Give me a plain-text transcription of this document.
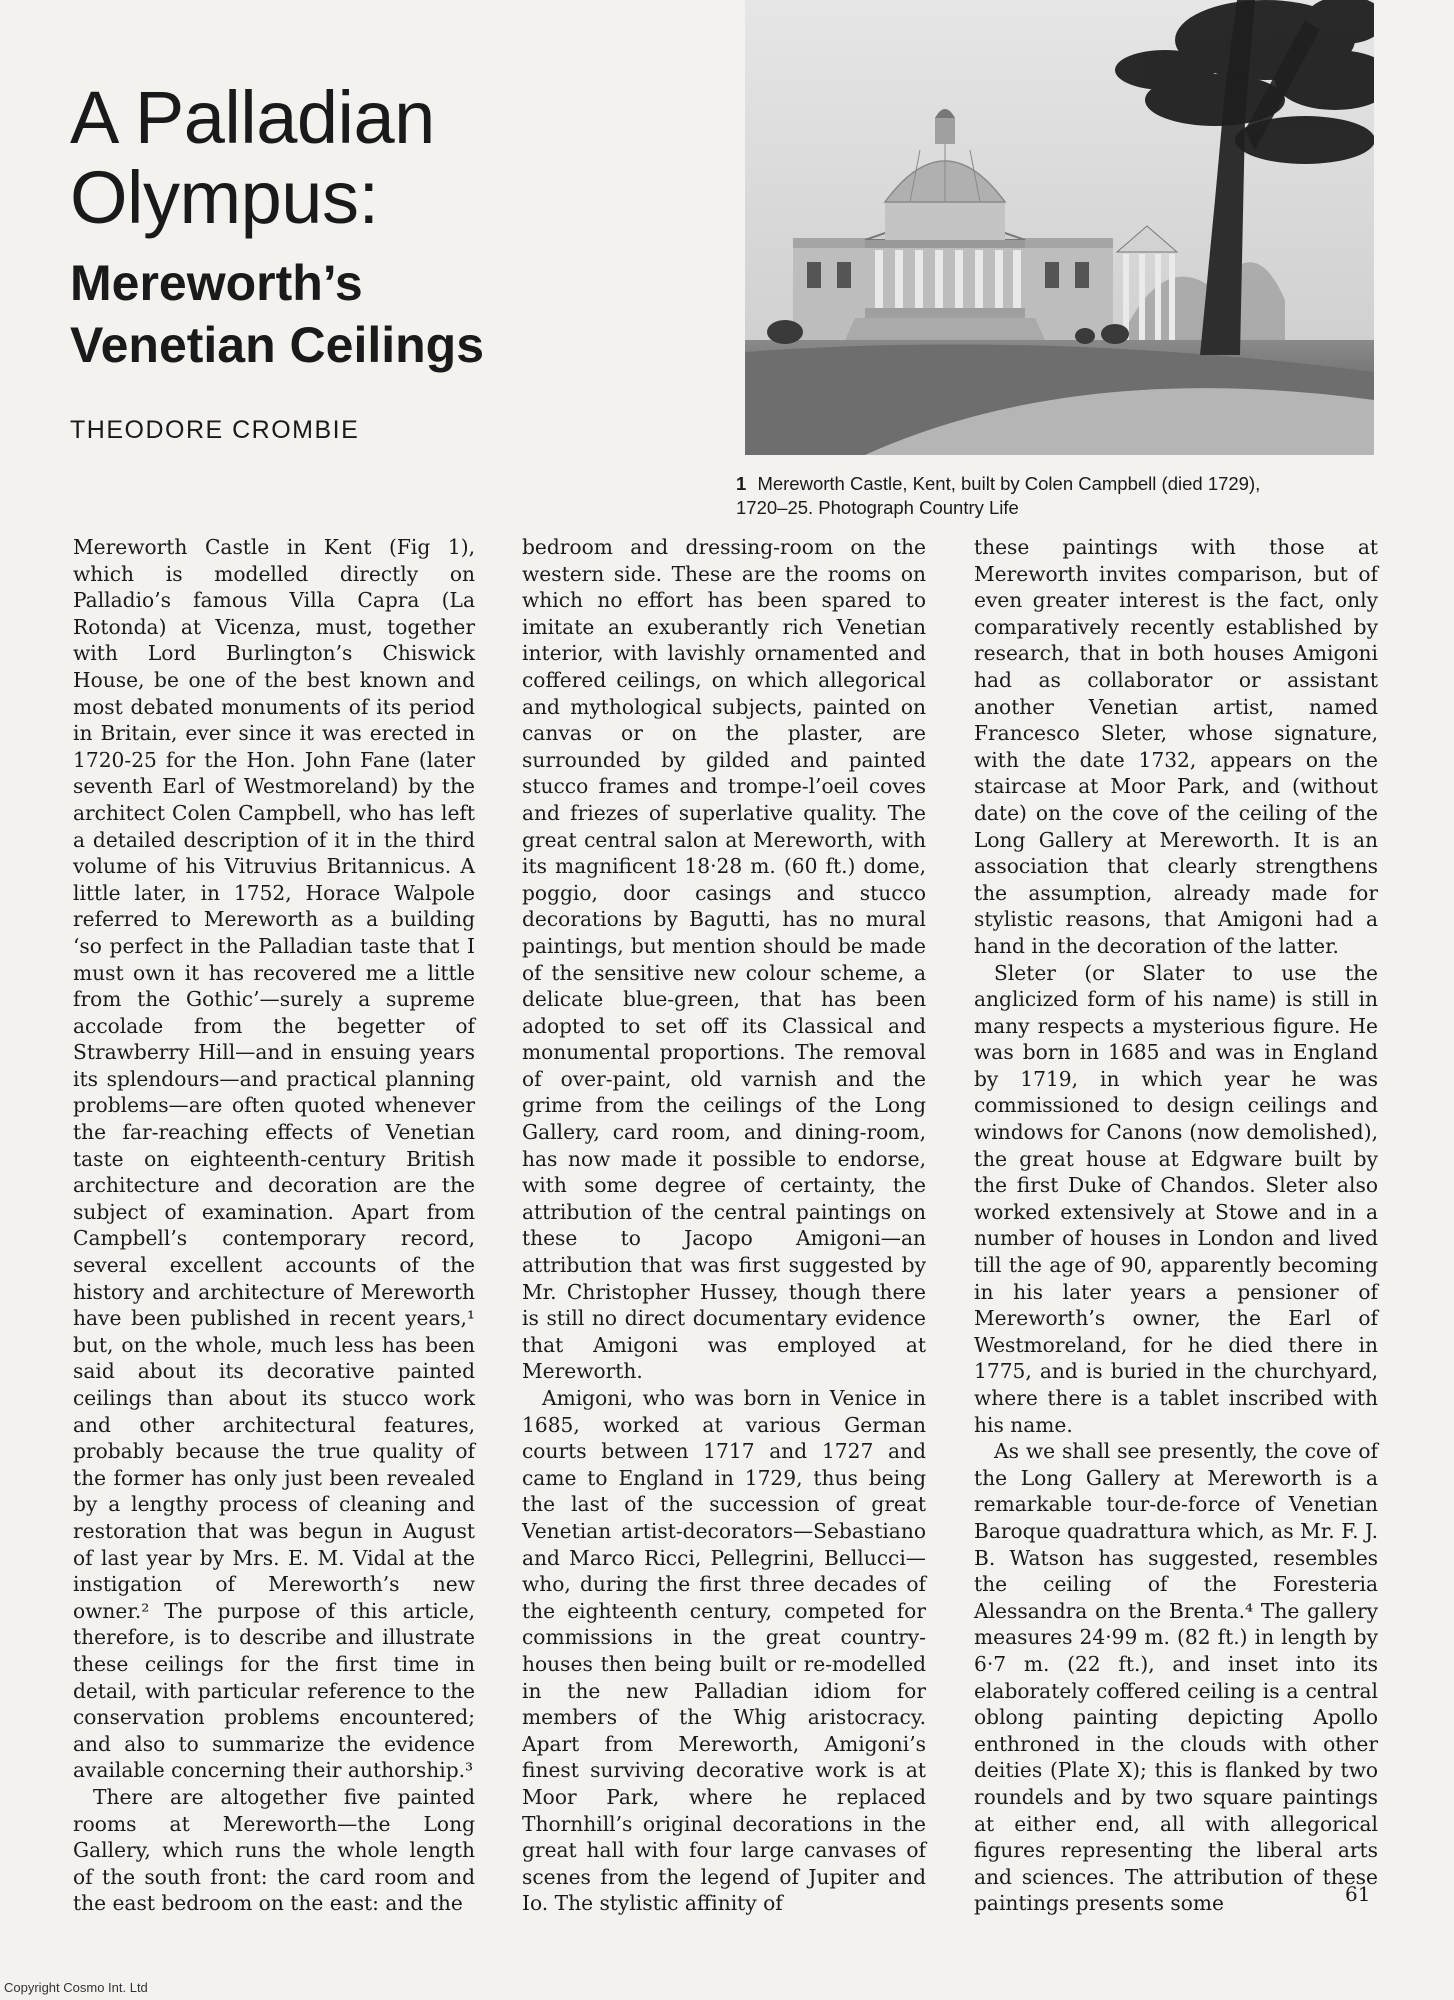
A Palladian
Olympus:
Mereworth’s
Venetian Ceilings
THEODORE CROMBIE
1 Mereworth Castle, Kent, built by Colen Campbell (died 1729),
1720–25. Photograph Country Life

Mereworth Castle in Kent (Fig 1), which is modelled directly on Palladio’s famous Villa Capra (La Rotonda) at Vicenza, must, together with Lord Burlington’s Chiswick House, be one of the best known and most debated monuments of its period in Britain, ever since it was erected in 1720-25 for the Hon. John Fane (later seventh Earl of Westmoreland) by the architect Colen Campbell, who has left a detailed description of it in the third volume of his Vitruvius Britannicus. A little later, in 1752, Horace Walpole referred to Mereworth as a building ‘so perfect in the Palladian taste that I must own it has recovered me a little from the Gothic’—surely a supreme accolade from the begetter of Strawberry Hill—and in ensuing years its splendours—and practical planning problems—are often quoted whenever the far-reaching effects of Venetian taste on eighteenth-century British architecture and decoration are the subject of examination. Apart from Campbell’s contemporary record, several excellent accounts of the history and architecture of Mereworth have been published in recent years,¹ but, on the whole, much less has been said about its decorative painted ceilings than about its stucco work and other architectural features, probably because the true quality of the former has only just been revealed by a lengthy process of cleaning and restoration that was begun in August of last year by Mrs. E. M. Vidal at the instigation of Mereworth’s new owner.² The purpose of this article, therefore, is to describe and illustrate these ceilings for the first time in detail, with particular reference to the conservation problems encountered; and also to summarize the evidence available concerning their authorship.³

There are altogether five painted rooms at Mereworth—the Long Gallery, which runs the whole length of the south front: the card room and the east bedroom on the east: and the

bedroom and dressing-room on the western side. These are the rooms on which no effort has been spared to imitate an exuberantly rich Venetian interior, with lavishly ornamented and coffered ceilings, on which allegorical and mythological subjects, painted on canvas or on the plaster, are surrounded by gilded and painted stucco frames and trompe-l’oeil coves and friezes of superlative quality. The great central salon at Mereworth, with its magnificent 18·28 m. (60 ft.) dome, poggio, door casings and stucco decorations by Bagutti, has no mural paintings, but mention should be made of the sensitive new colour scheme, a delicate blue-green, that has been adopted to set off its Classical and monumental proportions. The removal of over-paint, old varnish and the grime from the ceilings of the Long Gallery, card room, and dining-room, has now made it possible to endorse, with some degree of certainty, the attribution of the central paintings on these to Jacopo Amigoni—an attribution that was first suggested by Mr. Christopher Hussey, though there is still no direct documentary evidence that Amigoni was employed at Mereworth.

Amigoni, who was born in Venice in 1685, worked at various German courts between 1717 and 1727 and came to England in 1729, thus being the last of the succession of great Venetian artist-decorators—Sebastiano and Marco Ricci, Pellegrini, Bellucci—who, during the first three decades of the eighteenth century, competed for commissions in the great country-houses then being built or re-modelled in the new Palladian idiom for members of the Whig aristocracy. Apart from Mereworth, Amigoni’s finest surviving decorative work is at Moor Park, where he replaced Thornhill’s original decorations in the great hall with four large canvases of scenes from the legend of Jupiter and Io. The stylistic affinity of

these paintings with those at Mereworth invites comparison, but of even greater interest is the fact, only comparatively recently established by research, that in both houses Amigoni had as collaborator or assistant another Venetian artist, named Francesco Sleter, whose signature, with the date 1732, appears on the staircase at Moor Park, and (without date) on the cove of the ceiling of the Long Gallery at Mereworth. It is an association that clearly strengthens the assumption, already made for stylistic reasons, that Amigoni had a hand in the decoration of the latter.

Sleter (or Slater to use the anglicized form of his name) is still in many respects a mysterious figure. He was born in 1685 and was in England by 1719, in which year he was commissioned to design ceilings and windows for Canons (now demolished), the great house at Edgware built by the first Duke of Chandos. Sleter also worked extensively at Stowe and in a number of houses in London and lived till the age of 90, apparently becoming in his later years a pensioner of Mereworth’s owner, the Earl of Westmoreland, for he died there in 1775, and is buried in the churchyard, where there is a tablet inscribed with his name.

As we shall see presently, the cove of the Long Gallery at Mereworth is a remarkable tour-de-force of Venetian Baroque quadrattura which, as Mr. F. J. B. Watson has suggested, resembles the ceiling of the Foresteria Alessandra on the Brenta.⁴ The gallery measures 24·99 m. (82 ft.) in length by 6·7 m. (22 ft.), and inset into its elaborately coffered ceiling is a central oblong painting depicting Apollo enthroned in the clouds with other deities (Plate X); this is flanked by two roundels and by two square paintings at either end, all with allegorical figures representing the liberal arts and sciences. The attribution of these paintings presents some	61
Copyright Cosmo Int. Ltd
